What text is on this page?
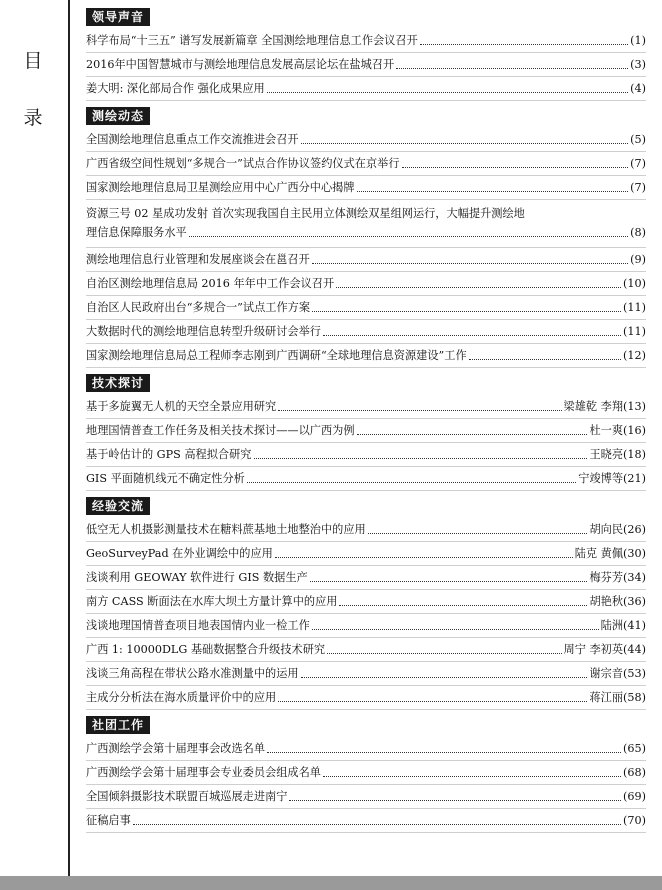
目
录
领导声音
科学布局“十三五” 谱写发展新篇章 全国测绘地理信息工作会议召开	(1)
2016年中国智慧城市与测绘地理信息发展高层论坛在盐城召开	(3)
姜大明: 深化部局合作 强化成果应用	(4)
测绘动态
全国测绘地理信息重点工作交流推进会召开	(5)
广西省级空间性规划“多规合一”试点合作协议签约仪式在京举行	(7)
国家测绘地理信息局卫星测绘应用中心广西分中心揭牌	(7)
资源三号 02 星成功发射 首次实现我国自主民用立体测绘双星组网运行，大幅提升测绘地
理信息保障服务水平	(8)
测绘地理信息行业管理和发展座谈会在邕召开	(9)
自治区测绘地理信息局 2016 年年中工作会议召开	(10)
自治区人民政府出台“多规合一”试点工作方案	(11)
大数据时代的测绘地理信息转型升级研讨会举行	(11)
国家测绘地理信息局总工程师李志刚到广西调研“全球地理信息资源建设”工作	(12)
技术探讨
基于多旋翼无人机的天空全景应用研究	梁雄乾 李翔 (13)
地理国情普查工作任务及相关技术探讨——以广西为例	杜一爽 (16)
基于岭估计的 GPS 高程拟合研究	王晓亮 (18)
GIS 平面随机线元不确定性分析	宁竣博等 (21)
经验交流
低空无人机摄影测量技术在糖料蔗基地土地整治中的应用	胡向民 (26)
GeoSurveyPad 在外业调绘中的应用	陆克 黄佩 (30)
浅谈利用 GEOWAY 软件进行 GIS 数据生产	梅芬芳 (34)
南方 CASS 断面法在水库大坝土方量计算中的应用	胡艳秋 (36)
浅谈地理国情普查项目地表国情内业一检工作	陆洲 (41)
广西 1: 10000DLG 基础数据整合升级技术研究	周宁 李初英 (44)
浅谈三角高程在带状公路水准测量中的运用	谢宗音 (53)
主成分分析法在海水质量评价中的应用	蒋江丽 (58)
社团工作
广西测绘学会第十届理事会改选名单	(65)
广西测绘学会第十届理事会专业委员会组成名单	(68)
全国倾斜摄影技术联盟百城巡展走进南宁	(69)
征稿启事	(70)
